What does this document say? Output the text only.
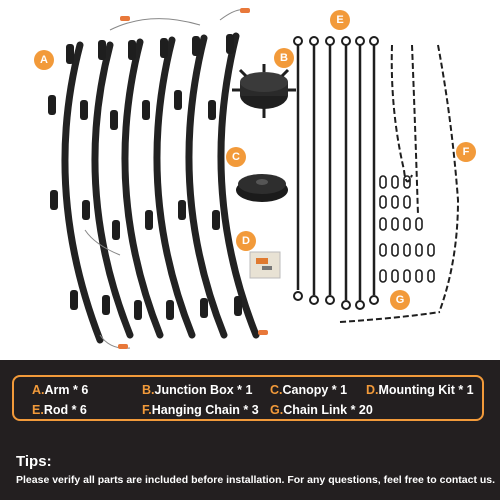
A	B
C
D
E
F
G
A.Arm * 6	B.Junction Box * 1 C.Canopy * 1 D.Mounting Kit * 1
E.Rod * 6	F.Hanging Chain * 3 G.Chain Link * 20
Tips:
Please verify all parts are included before installation. For any questions, feel free to contact us.
